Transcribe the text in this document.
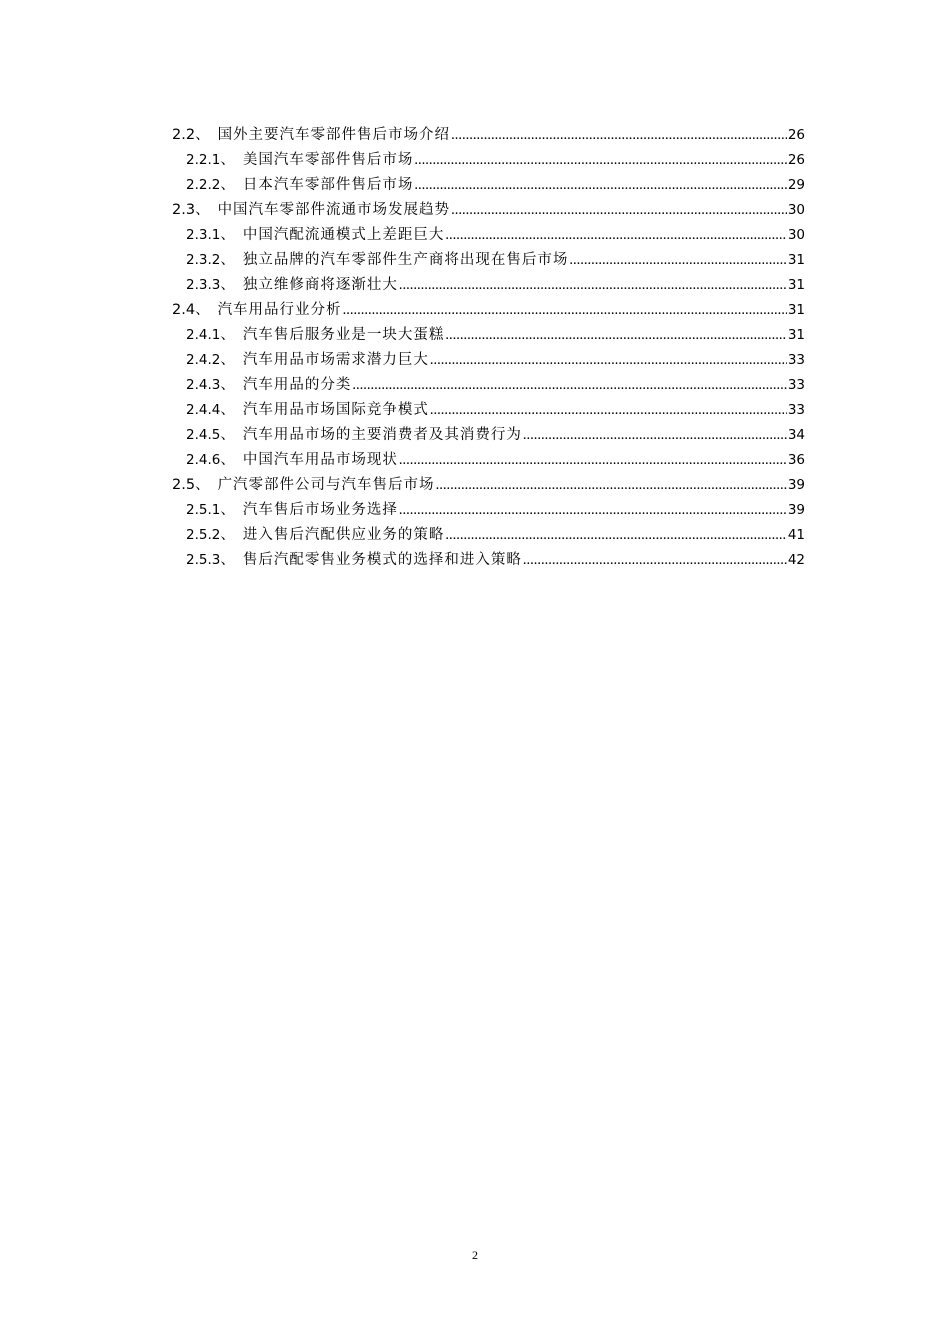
2.2 、 国外主要汽车零部件售后市场介绍 .....	26
2.2.1 、 美国汽车零部件售后市场 .....	26
2.2.2 、 日本汽车零部件售后市场 .....	29
2.3 、 中国汽车零部件流通市场发展趋势 .....	30
2.3.1 、 中国汽配流通模式上差距巨大 .....	30
2.3.2 、 独立品牌的汽车零部件生产商将出现在售后市场 .....	31
2.3.3 、 独立维修商将逐渐壮大 .....	31
2.4 、 汽车用品行业分析 .....	31
2.4.1 、 汽车售后服务业是一块大蛋糕 .....	31
2.4.2 、 汽车用品市场需求潜力巨大 .....	33
2.4.3 、 汽车用品的分类 .....	33
2.4.4 、 汽车用品市场国际竞争模式 .....	33
2.4.5 、 汽车用品市场的主要消费者及其消费行为 .....	34
2.4.6 、 中国汽车用品市场现状 .....	36
2.5 、 广汽零部件公司与汽车售后市场 .....	39
2.5.1 、 汽车售后市场业务选择 .....	39
2.5.2 、 进入售后汽配供应业务的策略 .....	41
2.5.3 、 售后汽配零售业务模式的选择和进入策略 .....	42
2
